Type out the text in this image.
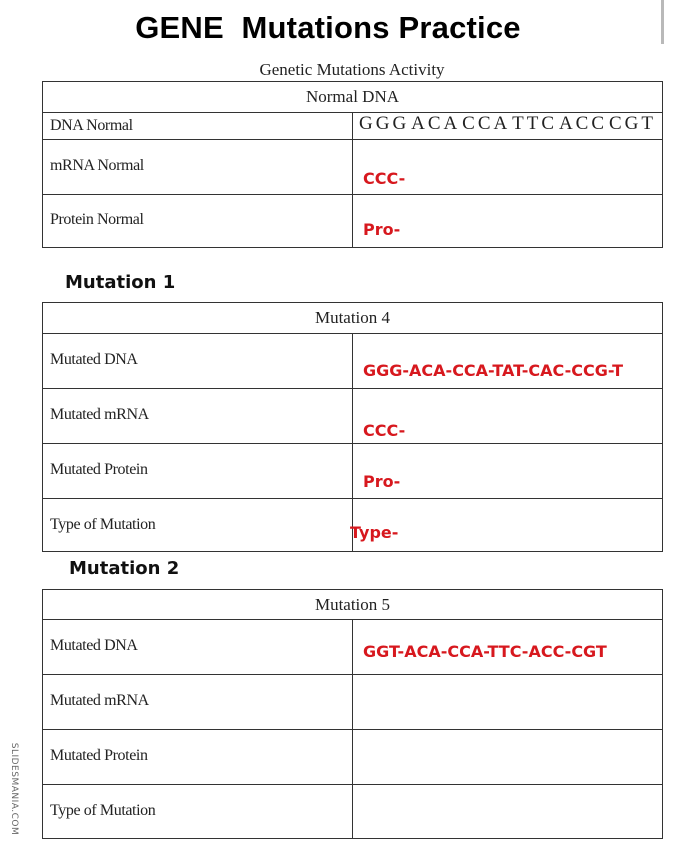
GENE  Mutations Practice
Genetic Mutations Activity
Normal DNA	

DNA Normal	GGG ACA CCA TTC ACC CGT

mRNA Normal	CCC-

Protein Normal	Pro-
Mutation 1
Mutation 4	

Mutated DNA	GGG-ACA-CCA-TAT-CAC-CCG-T

Mutated mRNA	CCC-

Mutated Protein	Pro-

Type of Mutation	Type-
Mutation 2
Mutation 5	

Mutated DNA	GGT-ACA-CCA-TTC-ACC-CGT

Mutated mRNA	

Mutated Protein	

Type of Mutation	

SLIDESMANIA.COM
